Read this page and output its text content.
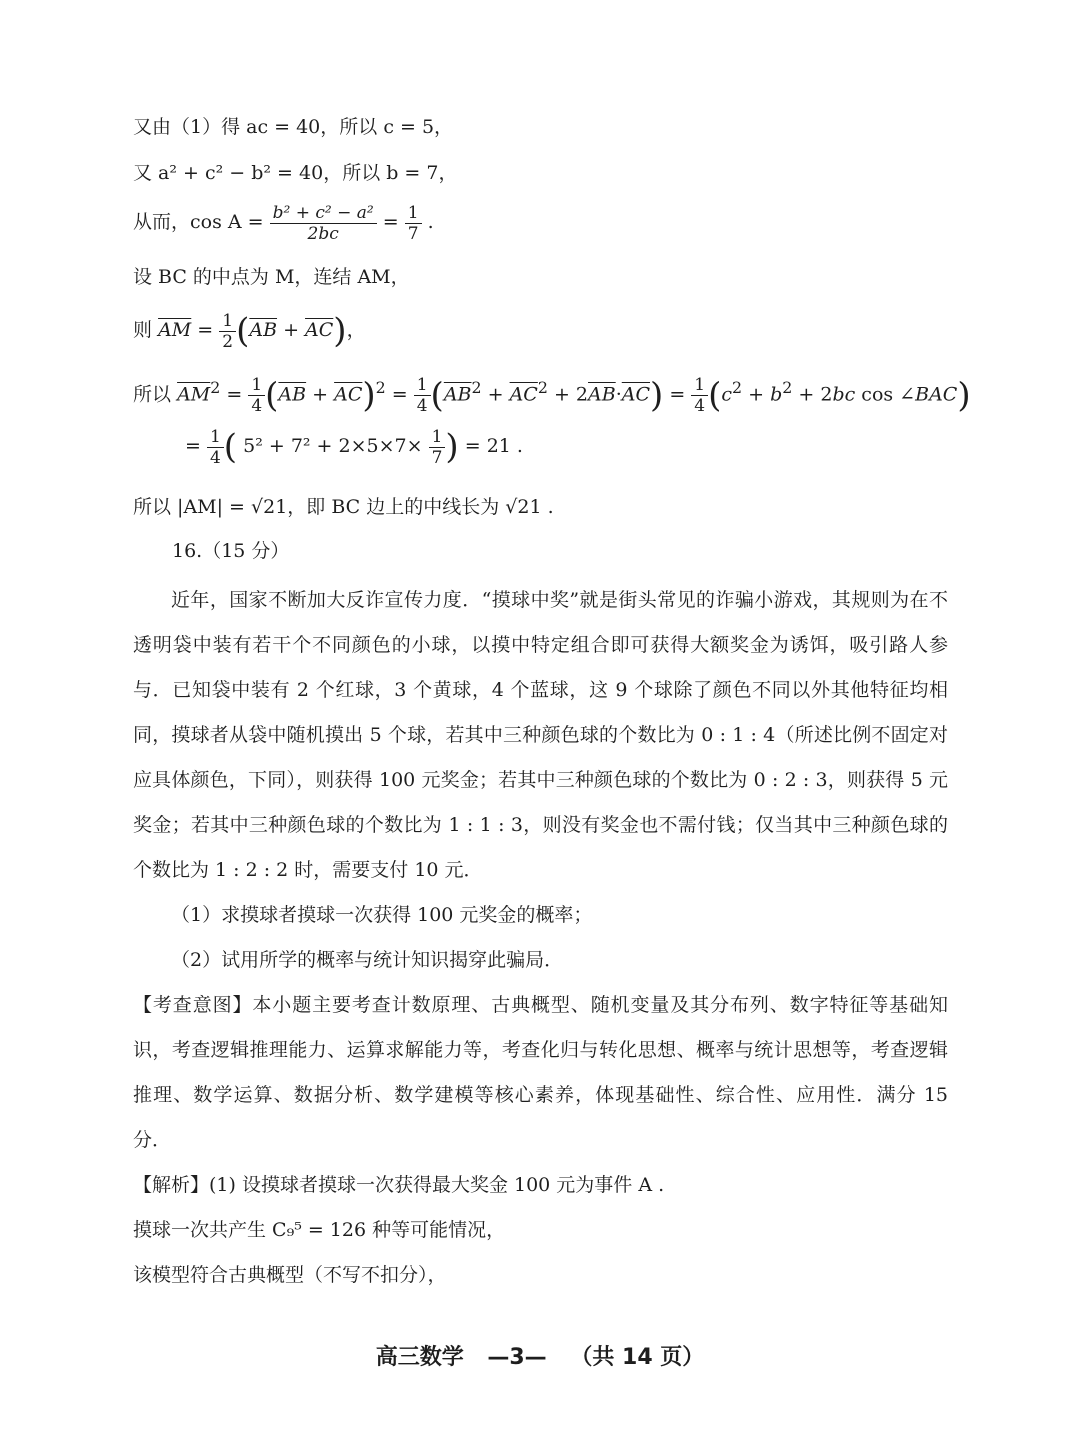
又由（1）得 ac = 40，所以 c = 5，
又 a² + c² − b² = 40，所以 b = 7，
从而，$\cos A = \frac{\text{b² + c² − a²}}{2bc} = \frac{1}{7}$ .
设 BC 的中点为 M，连结 AM，
则 $\overline{AM} = \frac{1}{2} (\overline{AB} + \overline{AC})$，
所以 $\overline{AM}^2 = \frac{1}{4} (\overline{AB} + \overline{AC})^2 = \frac{1}{4} (\overline{AB}^2 + \overline{AC}^2 + 2\overline{AB}\cdot\overline{AC}) = \frac{1}{4} (c^2 + b^2 + 2bc$ cos ∠BAC)
= $\frac{1}{4}$ ( $5^2 + 7^2 + 2\times 5\times 7\times \frac{1}{7}$ ) = 21 .
所以 |AM| = √21，即 BC 边上的中线长为 √21 .
16.（15 分）

近年，国家不断加大反诈宣传力度．“摸球中奖”就是街头常见的诈骗小游戏，其规则为在不透明袋中装有若干个不同颜色的小球，以摸中特定组合即可获得大额奖金为诱饵，吸引路人参与．已知袋中装有 2 个红球，3 个黄球，4 个蓝球，这 9 个球除了颜色不同以外其他特征均相同，摸球者从袋中随机摸出 5 个球，若其中三种颜色球的个数比为 0 : 1 : 4（所述比例不固定对应具体颜色，下同），则获得 100 元奖金；若其中三种颜色球的个数比为 0 : 2 : 3，则获得 5 元奖金；若其中三种颜色球的个数比为 1 : 1 : 3，则没有奖金也不需付钱；仅当其中三种颜色球的个数比为 1 : 2 : 2 时，需要支付 10 元．

（1）求摸球者摸球一次获得 100 元奖金的概率；

（2）试用所学的概率与统计知识揭穿此骗局．

【考查意图】本小题主要考查计数原理、古典概型、随机变量及其分布列、数字特征等基础知识，考查逻辑推理能力、运算求解能力等，考查化归与转化思想、概率与统计思想等，考查逻辑推理、数学运算、数据分析、数学建模等核心素养，体现基础性、综合性、应用性．满分 15 分．

【解析】(1) 设摸球者摸球一次获得最大奖金 100 元为事件 A .

摸球一次共产生 C₉⁵ = 126 种等可能情况，

该模型符合古典概型（不写不扣分），

高三数学 —3— （共 14 页）
